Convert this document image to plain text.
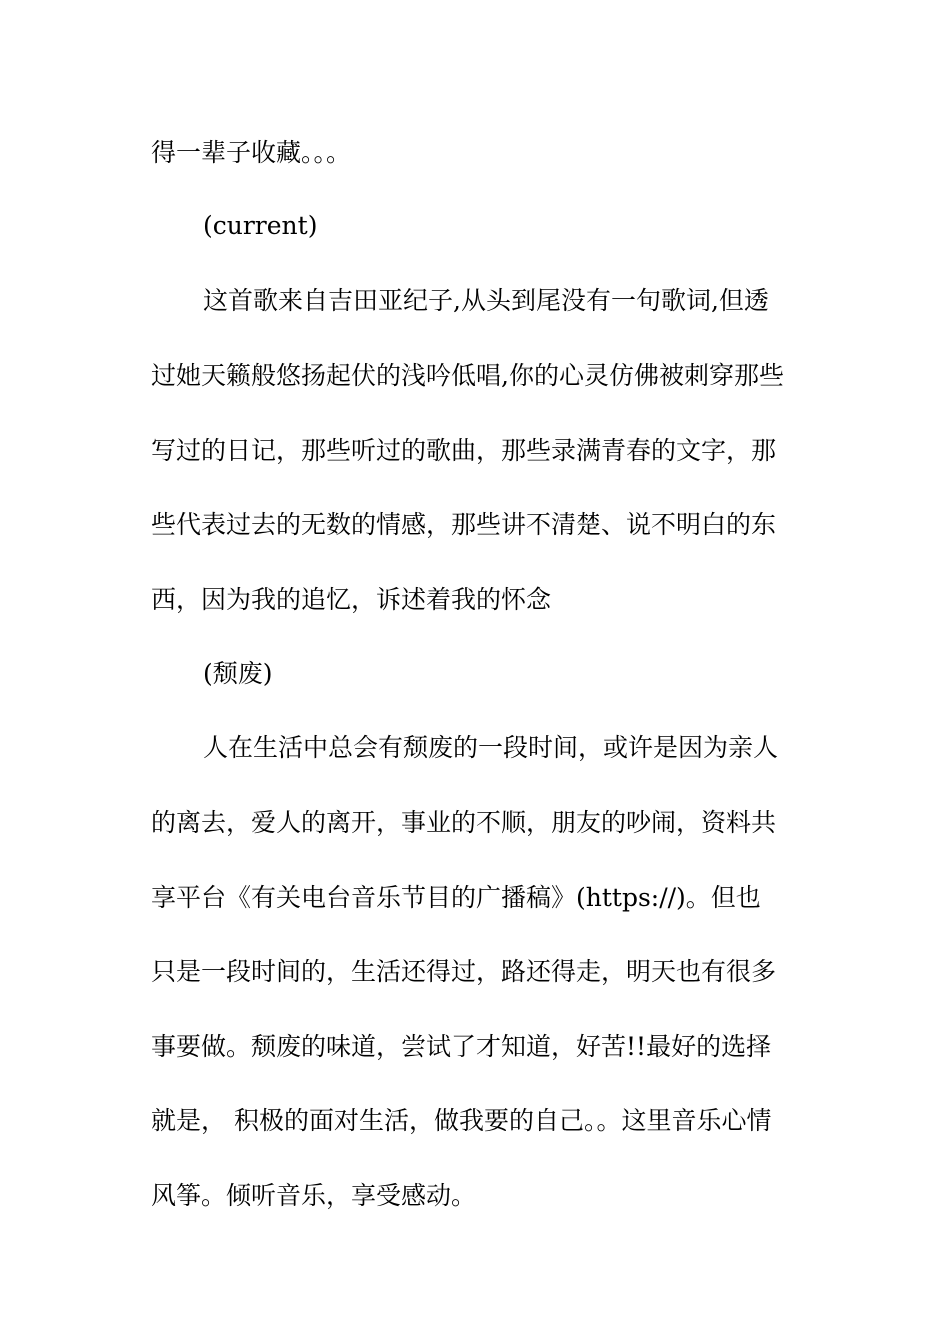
得一辈子收藏。。。
(current)
这首歌来自吉田亚纪子,从头到尾没有一句歌词,但透
过她天籁般悠扬起伏的浅吟低唱,你的心灵仿佛被刺穿那些
写过的日记，那些听过的歌曲，那些录满青春的文字，那
些代表过去的无数的情感，那些讲不清楚、说不明白的东
西，因为我的追忆，诉述着我的怀念
(颓废)
人在生活中总会有颓废的一段时间，或许是因为亲人
的离去，爱人的离开，事业的不顺，朋友的吵闹，资料共
享平台《有关电台音乐节目的广播稿》(https://)。但也
只是一段时间的，生活还得过，路还得走，明天也有很多
事要做。颓废的味道，尝试了才知道，好苦!!最好的选择
就是， 积极的面对生活，做我要的自己。。这里音乐心情
风筝。倾听音乐，享受感动。
